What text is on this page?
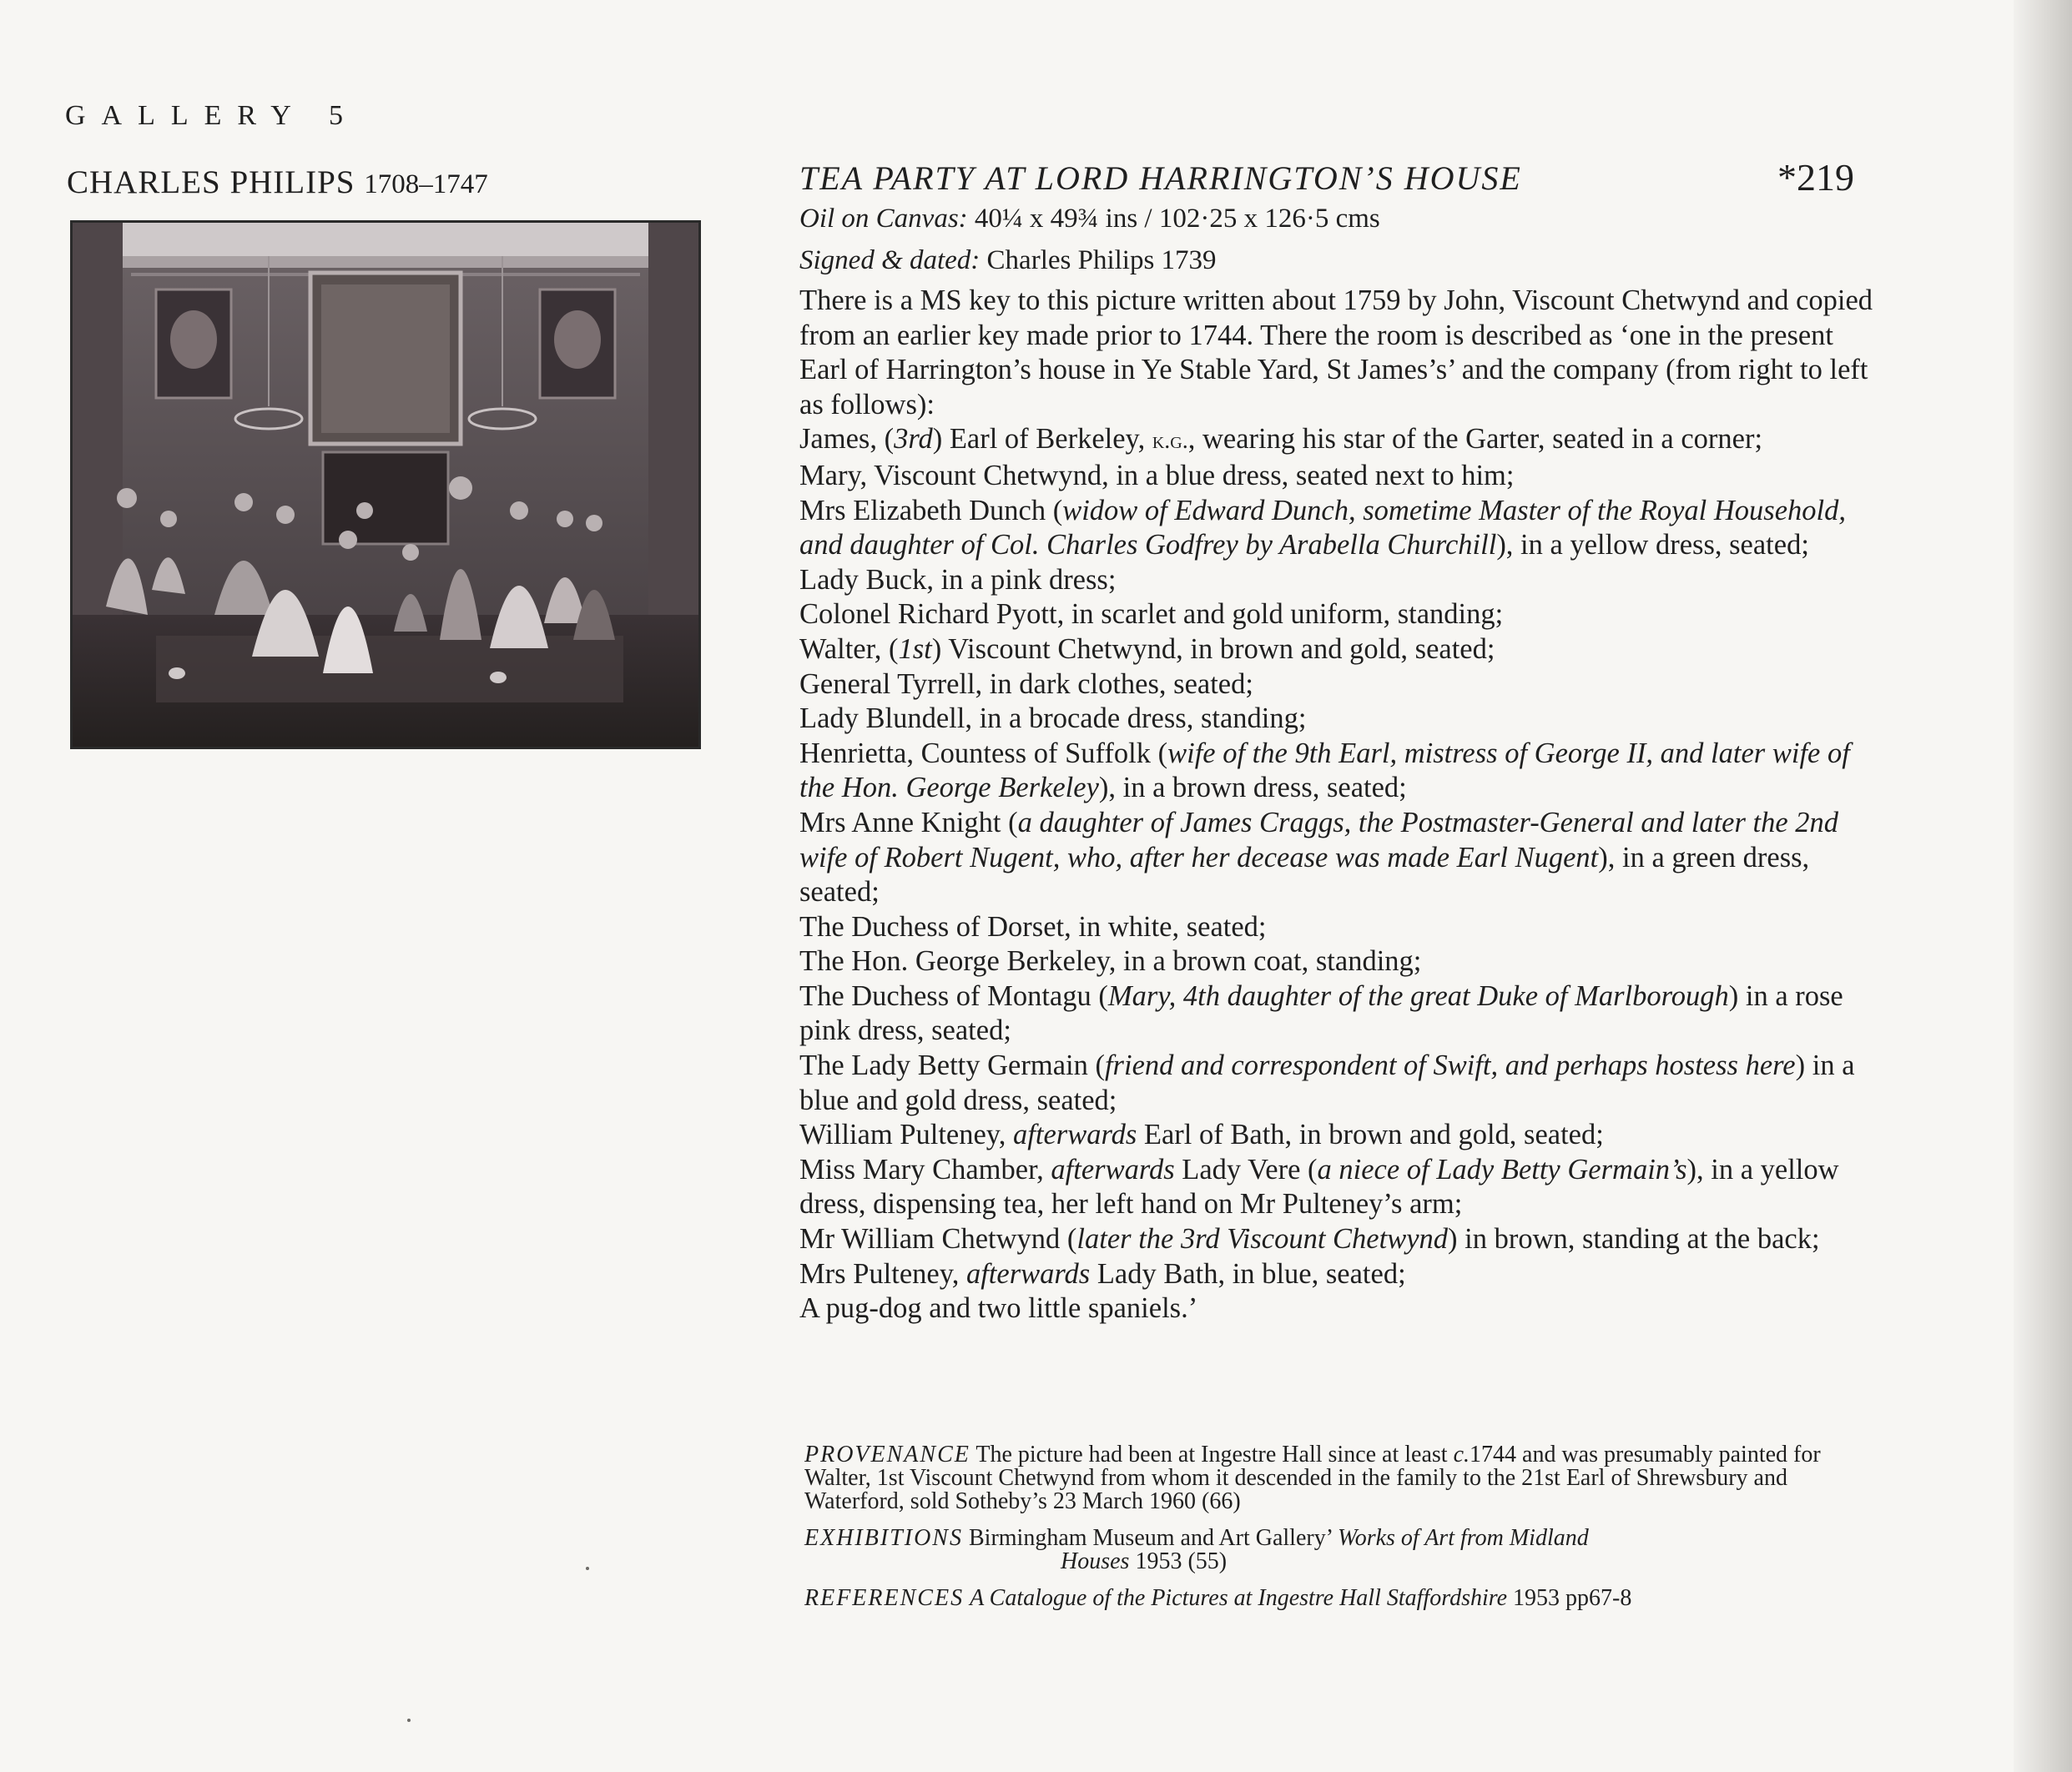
GALLERY 5
CHARLES PHILIPS 1708–1747	TEA PARTY AT LORD HARRINGTON’S HOUSE	*219
Oil on Canvas: 40¼ x 49¾ ins / 102·25 x 126·5 cms
Signed & dated: Charles Philips 1739

There is a MS key to this picture written about 1759 by John, Viscount Chetwynd and copied from an earlier key made prior to 1744. There the room is described as ‘one in the present Earl of Harrington’s house in Ye Stable Yard, St James’s’ and the company (from right to left as follows):

James, (3rd) Earl of Berkeley, k.g., wearing his star of the Garter, seated in a corner;

Mary, Viscount Chetwynd, in a blue dress, seated next to him;

Mrs Elizabeth Dunch (widow of Edward Dunch, sometime Master of the Royal Household, and daughter of Col. Charles Godfrey by Arabella Churchill), in a yellow dress, seated;

Lady Buck, in a pink dress;

Colonel Richard Pyott, in scarlet and gold uniform, standing;

Walter, (1st) Viscount Chetwynd, in brown and gold, seated;

General Tyrrell, in dark clothes, seated;

Lady Blundell, in a brocade dress, standing;

Henrietta, Countess of Suffolk (wife of the 9th Earl, mistress of George II, and later wife of the Hon. George Berkeley), in a brown dress, seated;

Mrs Anne Knight (a daughter of James Craggs, the Postmaster-General and later the 2nd wife of Robert Nugent, who, after her decease was made Earl Nugent), in a green dress, seated;

The Duchess of Dorset, in white, seated;

The Hon. George Berkeley, in a brown coat, standing;

The Duchess of Montagu (Mary, 4th daughter of the great Duke of Marlborough) in a rose pink dress, seated;

The Lady Betty Germain (friend and correspondent of Swift, and perhaps hostess here) in a blue and gold dress, seated;

William Pulteney, afterwards Earl of Bath, in brown and gold, seated;

Miss Mary Chamber, afterwards Lady Vere (a niece of Lady Betty Germain’s), in a yellow dress, dispensing tea, her left hand on Mr Pulteney’s arm;

Mr William Chetwynd (later the 3rd Viscount Chetwynd) in brown, standing at the back;

Mrs Pulteney, afterwards Lady Bath, in blue, seated;

A pug-dog and two little spaniels.’

PROVENANCE The picture had been at Ingestre Hall since at least c.1744 and was presumably painted for Walter, 1st Viscount Chetwynd from whom it descended in the family to the 21st Earl of Shrewsbury and Waterford, sold Sotheby’s 23 March 1960 (66)

EXHIBITIONS Birmingham Museum and Art Gallery’ Works of Art from Midland
Houses 1953 (55)

REFERENCES A Catalogue of the Pictures at Ingestre Hall Staffordshire 1953 pp67-8
